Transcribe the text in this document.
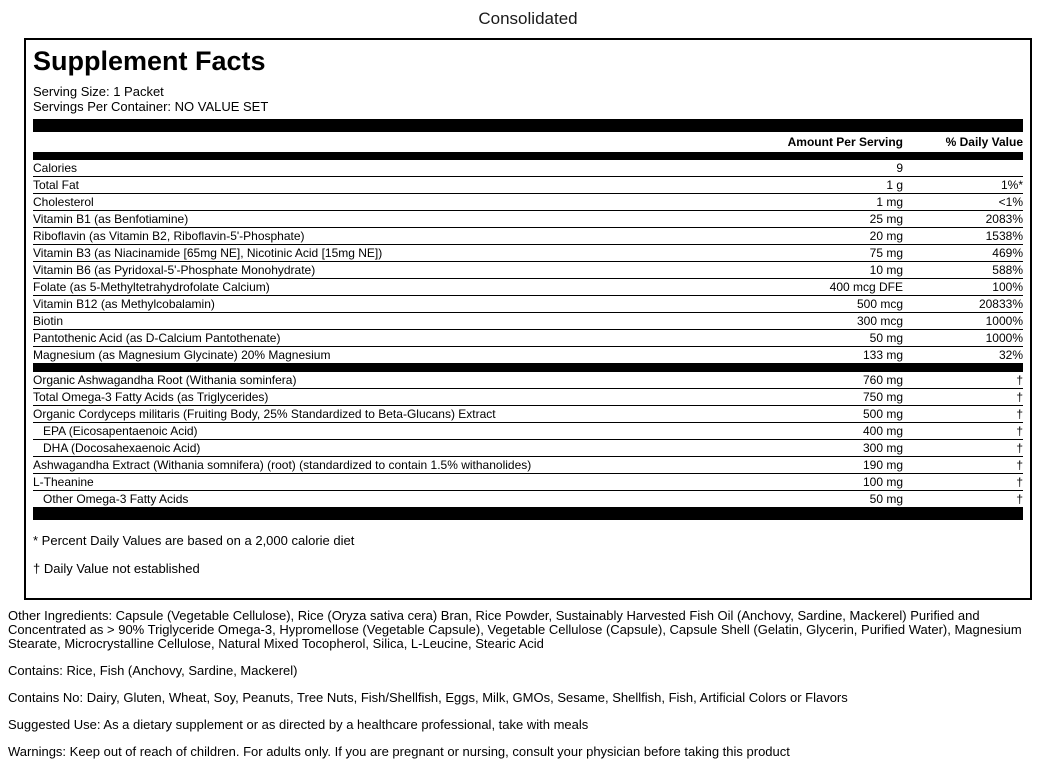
Consolidated
Supplement Facts
Serving Size: 1 Packet
Servings Per Container: NO VALUE SET
Amount Per Serving	% Daily Value
Calories	9
Total Fat	1 g	1%*
Cholesterol	1 mg	<1%
Vitamin B1 (as Benfotiamine)	25 mg	2083%
Riboflavin (as Vitamin B2, Riboflavin-5'-Phosphate)	20 mg	1538%
Vitamin B3 (as Niacinamide [65mg NE], Nicotinic Acid [15mg NE])	75 mg	469%
Vitamin B6 (as Pyridoxal-5'-Phosphate Monohydrate)	10 mg	588%
Folate (as 5-Methyltetrahydrofolate Calcium)	400 mcg DFE	100%
Vitamin B12 (as Methylcobalamin)	500 mcg	20833%
Biotin	300 mcg	1000%
Pantothenic Acid (as D-Calcium Pantothenate)	50 mg	1000%
Magnesium (as Magnesium Glycinate) 20% Magnesium	133 mg	32%
Organic Ashwagandha Root (Withania sominfera)	760 mg	†
Total Omega-3 Fatty Acids (as Triglycerides)	750 mg	†
Organic Cordyceps militaris (Fruiting Body, 25% Standardized to Beta-Glucans) Extract	500 mg	†
EPA (Eicosapentaenoic Acid)	400 mg	†
DHA (Docosahexaenoic Acid)	300 mg	†
Ashwagandha Extract (Withania somnifera) (root) (standardized to contain 1.5% withanolides)	190 mg	†
L-Theanine	100 mg	†
Other Omega-3 Fatty Acids	50 mg	†
* Percent Daily Values are based on a 2,000 calorie diet
† Daily Value not established

Other Ingredients: Capsule (Vegetable Cellulose), Rice (Oryza sativa cera) Bran, Rice Powder, Sustainably Harvested Fish Oil (Anchovy, Sardine, Mackerel) Purified and Concentrated as > 90% Triglyceride Omega-3, Hypromellose (Vegetable Capsule), Vegetable Cellulose (Capsule), Capsule Shell (Gelatin, Glycerin, Purified Water), Magnesium Stearate, Microcrystalline Cellulose, Natural Mixed Tocopherol, Silica, L-Leucine, Stearic Acid

Contains: Rice, Fish (Anchovy, Sardine, Mackerel)

Contains No: Dairy, Gluten, Wheat, Soy, Peanuts, Tree Nuts, Fish/Shellfish, Eggs, Milk, GMOs, Sesame, Shellfish, Fish, Artificial Colors or Flavors

Suggested Use: As a dietary supplement or as directed by a healthcare professional, take with meals

Warnings: Keep out of reach of children. For adults only. If you are pregnant or nursing, consult your physician before taking this product
